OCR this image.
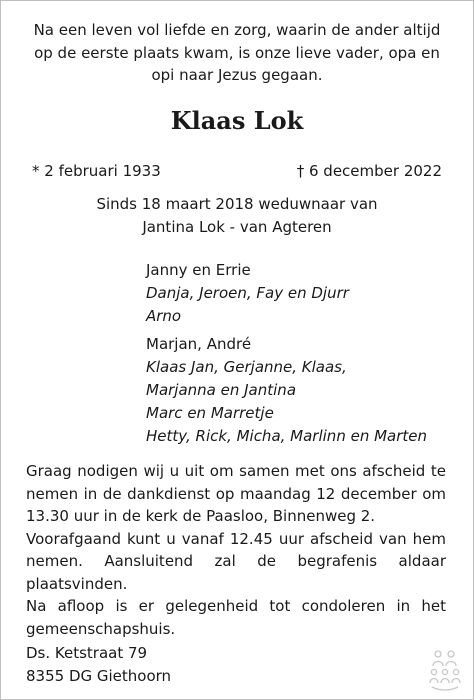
Na een leven vol liefde en zorg, waarin de ander altijd
op de eerste plaats kwam, is onze lieve vader, opa en
opi naar Jezus gegaan.
Klaas Lok
* 2 februari 1933	† 6 december 2022
Sinds 18 maart 2018 weduwnaar van
Jantina Lok - van Agteren
Janny en Errie
Danja, Jeroen, Fay en Djurr
Arno
Marjan, André
Klaas Jan, Gerjanne, Klaas,
Marjanna en Jantina
Marc en Marretje
Hetty, Rick, Micha, Marlinn en Marten

Graag nodigen wij u uit om samen met ons afscheid te nemen in de dankdienst op maandag 12 december om 13.30 uur in de kerk de Paasloo, Binnenweg 2.

Voorafgaand kunt u vanaf 12.45 uur afscheid van hem nemen. Aansluitend zal de begrafenis aldaar plaatsvinden.

Na afloop is er gelegenheid tot condoleren in het gemeenschapshuis.

Ds. Ketstraat 79
8355 DG Giethoorn
